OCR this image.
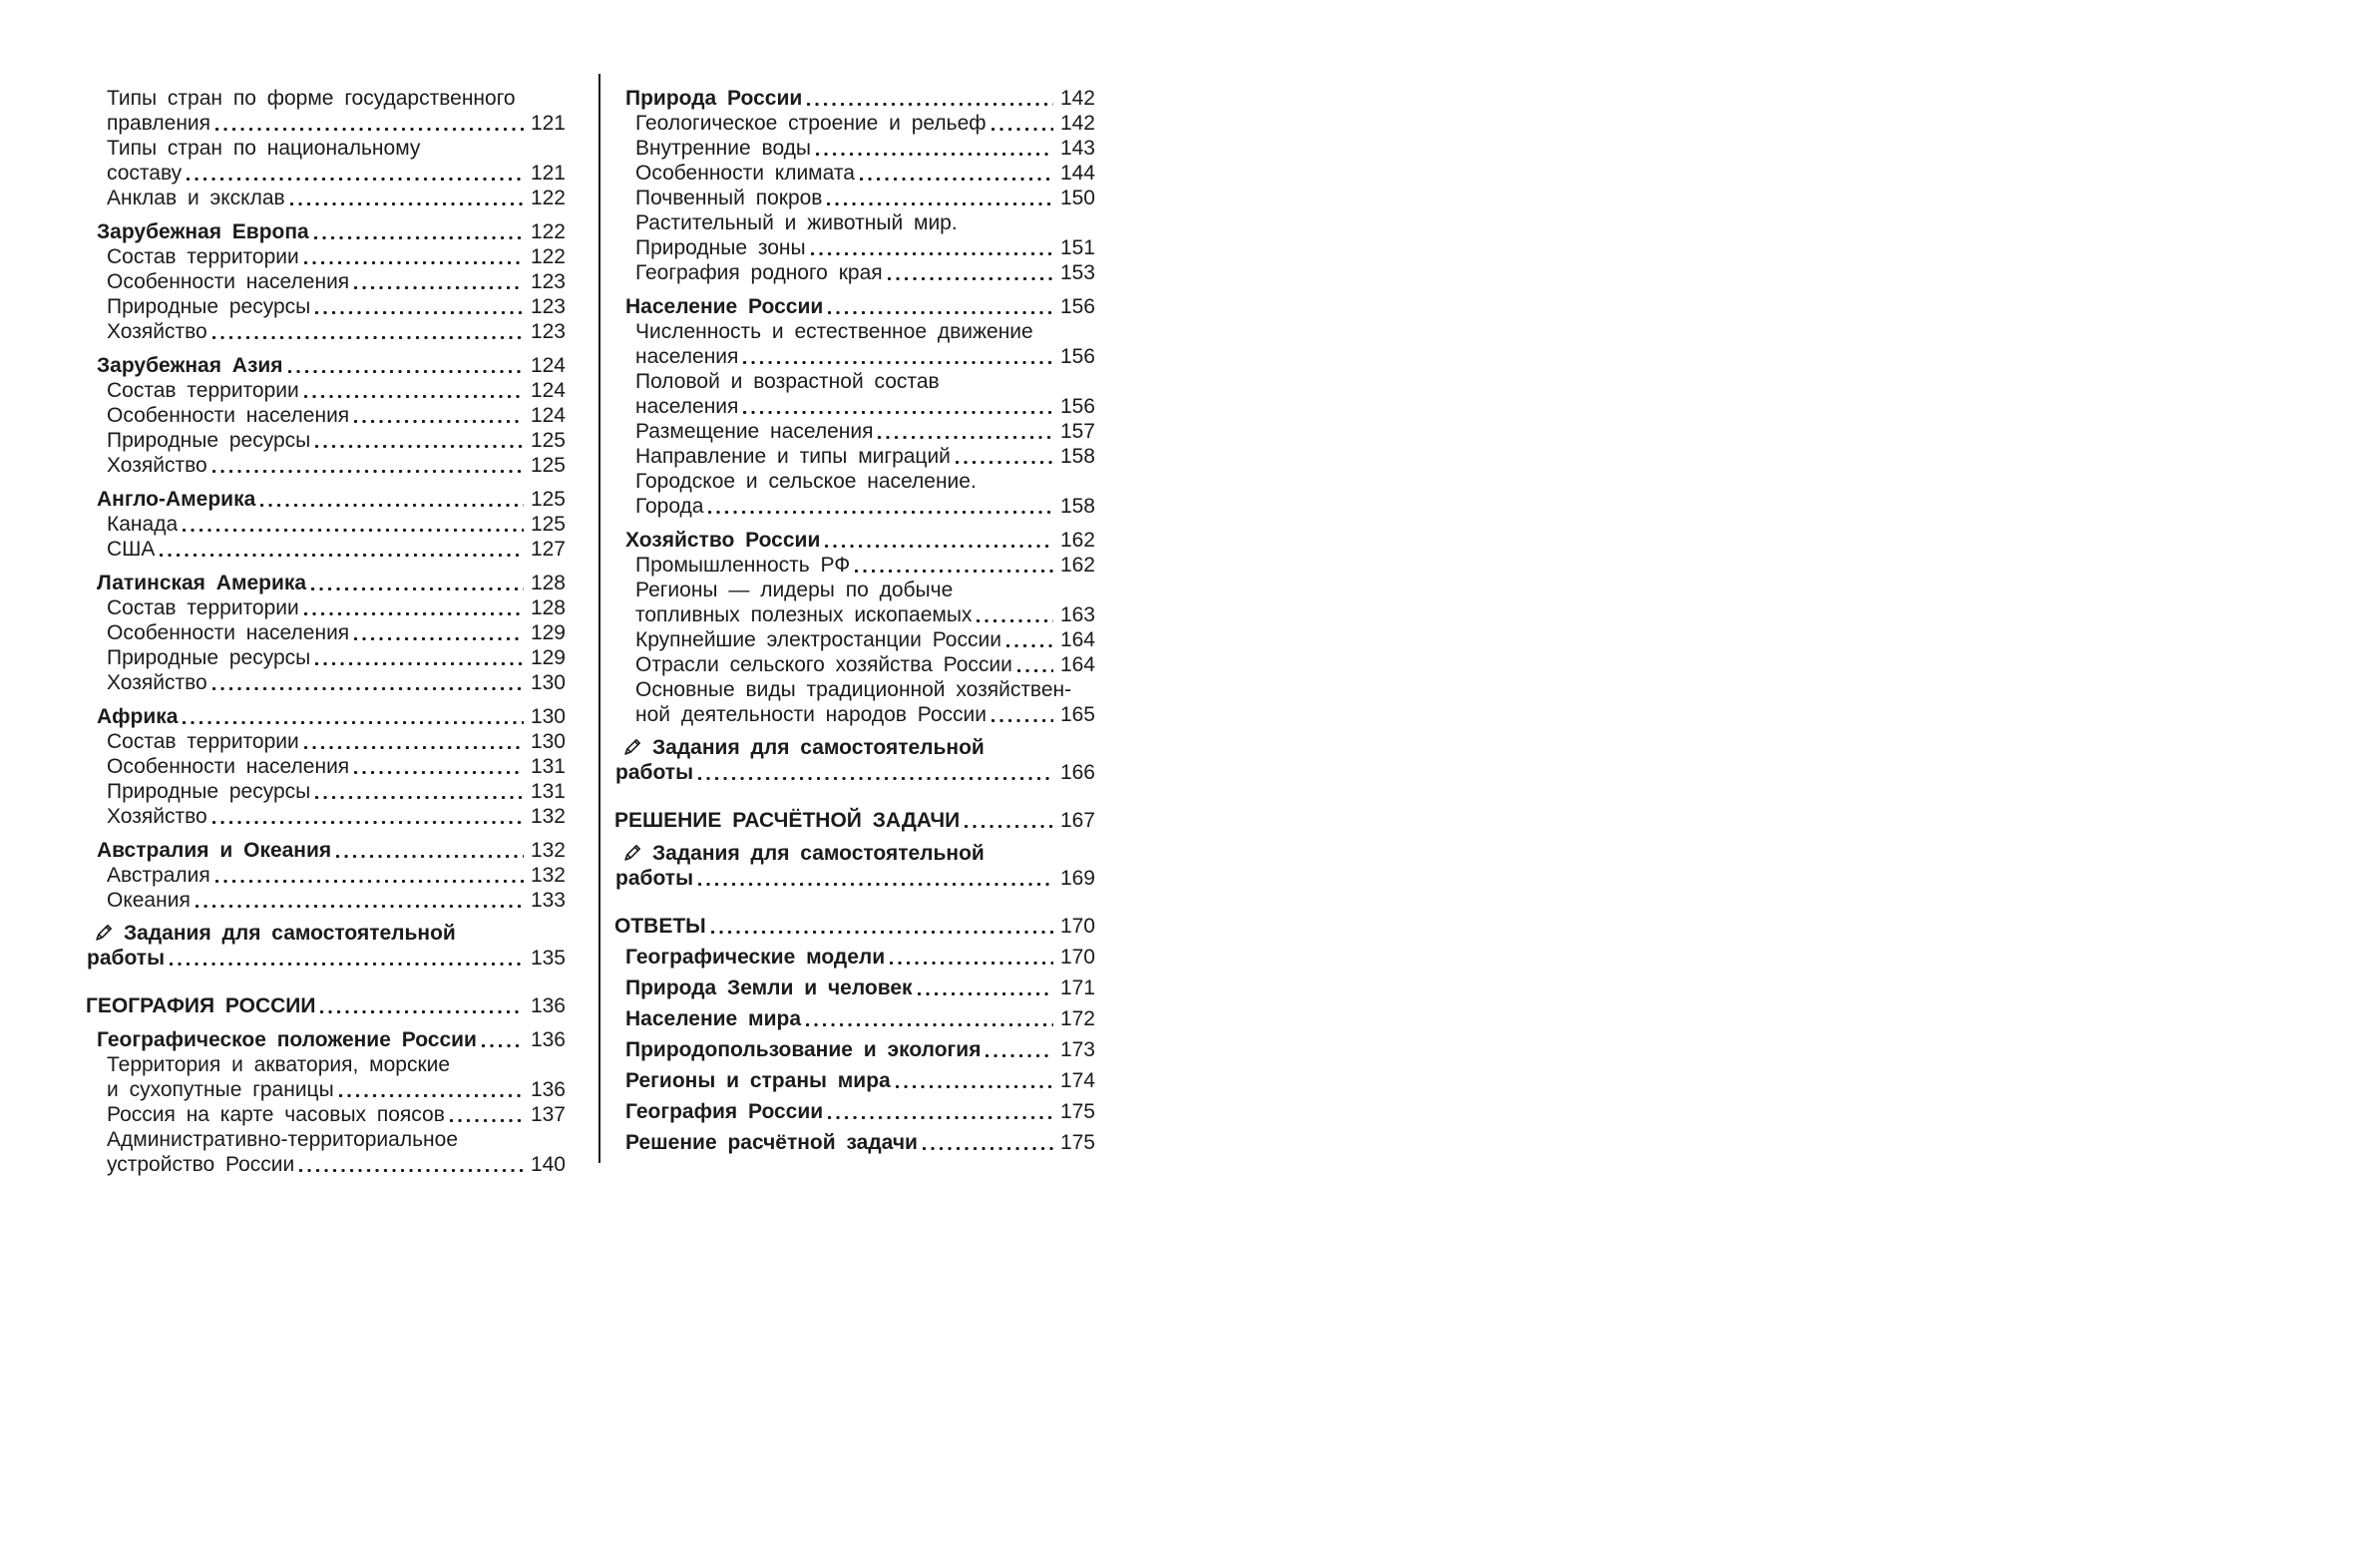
Типы стран по форме государственного
правления	121
Типы стран по национальному
составу	121
Анклав и эксклав	122
Зарубежная Европа	122
Состав территории	122
Особенности населения	123
Природные ресурсы	123
Хозяйство	123
Зарубежная Азия	124
Состав территории	124
Особенности населения	124
Природные ресурсы	125
Хозяйство	125
Англо-Америка	125
Канада	125
США	127
Латинская Америка	128
Состав территории	128
Особенности населения	129
Природные ресурсы	129
Хозяйство	130
Африка	130
Состав территории	130
Особенности населения	131
Природные ресурсы	131
Хозяйство	132
Австралия и Океания	132
Австралия	132
Океания	133
Задания для самостоятельной
работы	135
ГЕОГРАФИЯ РОССИИ	136
Географическое положение России	136
Территория и акватория, морские
и сухопутные границы	136
Россия на карте часовых поясов	137
Административно-территориальное
устройство России	140
Природа России	142
Геологическое строение и рельеф	142
Внутренние воды	143
Особенности климата	144
Почвенный покров	150
Растительный и животный мир.
Природные зоны	151
География родного края	153
Население России	156
Численность и естественное движение
населения	156
Половой и возрастной состав
населения	156
Размещение населения	157
Направление и типы миграций	158
Городское и сельское население.
Города	158
Хозяйство России	162
Промышленность РФ	162
Регионы — лидеры по добыче
топливных полезных ископаемых	163
Крупнейшие электростанции России	164
Отрасли сельского хозяйства России 164
Основные виды традиционной хозяйствен-
ной деятельности народов России	165
Задания для самостоятельной
работы	166
РЕШЕНИЕ РАСЧЁТНОЙ ЗАДАЧИ	167
Задания для самостоятельной
работы	169
ОТВЕТЫ	170
Географические модели	170
Природа Земли и человек	171
Население мира	172
Природопользование и экология	173
Регионы и страны мира	174
География России	175
Решение расчётной задачи	175
